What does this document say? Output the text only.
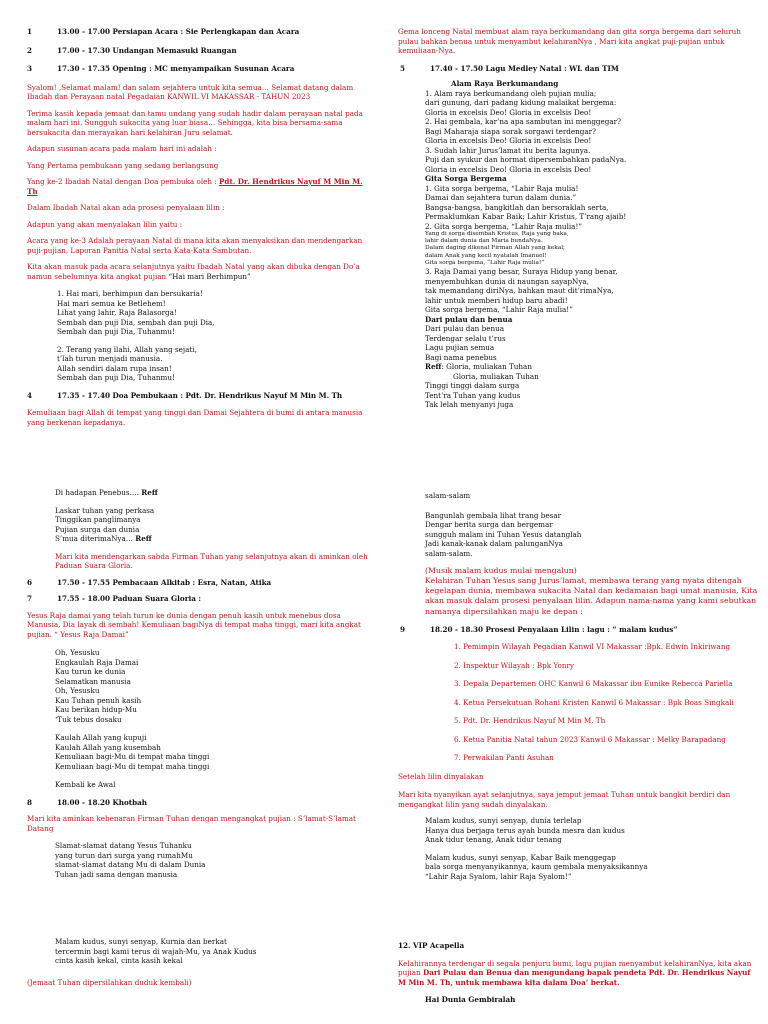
1	13.00 - 17.00 Persiapan Acara : Sie Perlengkapan dan Acara
2	17.00 - 17.30 Undangan Memasuki Ruangan
3	17.30 - 17.35 Opening : MC menyampaikan Susunan Acara

Syalom! ,Selamat malam! dan salam sejahtera untuk kita semua… Selamat datang dalam Ibadah dan Perayaan natal Pegadaian KANWIL VI MAKASSAR - TAHUN 2023

Terima kasih kepada jemaat dan tamu undang yang sudah hadir dalam perayaan natal pada malam hari ini. Sungguh sukacita yang luar biasa… Sehingga, kita bisa bersama-sama bersukacita dan merayakan hari kelahiran Juru selamat.

Adapun susunan acara pada malam hari ini adalah :

Yang Pertama pembukaan yang sedang berlangsung

Yang ke-2 Ibadah Natal dengan Doa pembuka oleh : Pdt. Dr. Hendrikus Nayuf M Min M. Th

Dalam Ibadah Natal akan ada prosesi penyalaan lilin :

Adapun yang akan menyalakan lilin yaitu :

Acara yang ke-3 Adalah perayaan Natal di mana kita akan menyaksikan dan mendengarkan puji-pujian, Laporan Panitia Natal serta Kata-Kata Sambutan.

Kita akan masuk pada acara selanjutnya yaitu Ibadah Natal yang akan dibuka dengan Do’a namun sebelumnya kita angkat pujian “Hai mari Berhimpun”

1. Hai mari, berhimpun dan bersukaria!
Hai mari semua ke Betlehem!
Lihat yang lahir, Raja Balasorga!
Sembah dan puji Dia, sembah dan puji Dia,
Sembah dan puji Dia, Tuhanmu!

2. Terang yang ilahi, Allah yang sejati,
t’lah turun menjadi manusia.
Allah sendiri dalam rupa insan!
Sembah dan puji Dia, Tuhanmu!

4	17.35 - 17.40 Doa Pembukaan : Pdt. Dr. Hendrikus Nayuf M Min M. Th

Kemuliaan bagi Allah di tempat yang tinggi dan Damai Sejahtera di bumi di antara manusia yang berkenan kepadanya.

Gema lonceng Natal membuat alam raya berkumandang dan gita sorga bergema dari seluruh pulau bahkan benua untuk menyambut kelahiranNya , Mari kita angkat puji-pujian untuk kemuliaan-Nya.

5	17.40 - 17.50 Lagu Medley Natal : WL dan TIM

Alam Raya Berkumandang

1. Alam raya berkumandang oleh pujian mulia;
dari gunung, dari padang kidung malaikat bergema:
Gloria in excelsis Deo! Gloria in excelsis Deo!
2. Hai gembala, kar’na apa sambutan ini menggegar?
Bagi Maharaja siapa sorak sorgawi terdengar?
Gloria in excelsis Deo! Gloria in excelsis Deo!
3. Sudah lahir Jurus’lamat itu berita lagunya.
Puji dan syukur dan hormat dipersembahkan padaNya.
Gloria in excelsis Deo! Gloria in excelsis Deo!

Gita Sorga Bergema

1. Gita sorga bergema, “Lahir Raja mulia!
Damai dan sejahtera turun dalam dunia.”
Bangsa-bangsa, bangkitlah dan bersoraklah serta,
Permaklumkan Kabar Baik; Lahir Kristus, T’rang ajaib!
2. Gita sorga bergema, “Lahir Raja mulia!”

Yang di sorga disembah Kristus, Raja yang baka,
lahir dalam dunia dan Maria bundaNya.
Dalam daging dikenal Firman Allah yang kekal;
dalam Anak yang kecil nyatalah Imanuel!
Gita sorga bergema, “Lahir Raja mulia!”

3. Raja Damai yang besar, Suraya Hidup yang benar,
menyembuhkan dunia di naungan sayapNya,
tak memandang diriNya, bahkan maut dit’rimaNya,
lahir untuk memberi hidup baru abadi!
Gita sorga bergema, “Lahir Raja mulia!”

Dari pulau dan benua

Dari pulau dan benua
Terdengar selalu t’rus
Lagu pujian semua
Bagi nama penebus

Reff: Gloria, muliakan Tuhan

Gloria, muliakan Tuhan

Tinggi tinggi dalam surga
Tent’ra Tuhan yang kudus
Tak lelah menyanyi juga

Di hadapan Penebus…. Reff

Laskar tuhan yang perkasa
Tinggikan panglimanya
Pujian surga dan dunia

S’mua diterimaNya… Reff

Mari kita mendengarkan sabda Firman Tuhan yang selanjutnya akan di aminkan oleh Paduan Suara Gloria.

6	17.50 - 17.55 Pembacaan Alkitab : Esra, Natan, Atika
7	17.55 - 18.00 Paduan Suara Gloria :

Yesus Raja damai yang telah turun ke dunia dengan penuh kasih untuk menebus dosa Manusia, Dia layak di sembah! Kemuliaan bagiNya di tempat maha tinggi, mari kita angkat pujian. “ Yesus Raja Damai”

Oh, Yesusku
Engkaulah Raja Damai
Kau turun ke dunia
Selamatkan manusia
Oh, Yesusku
Kau Tuhan penuh kasih
Kau berikan hidup-Mu
‘Tuk tebus dosaku

Kaulah Allah yang kupuji
Kaulah Allah yang kusembah
Kemuliaan bagi-Mu di tempat maha tinggi
Kemuliaan bagi-Mu di tempat maha tinggi

Kembali ke Awal

8	18.00 - 18.20 Khotbah

Mari kita aminkan kebenaran Firman Tuhan dengan mengangkat pujian : S’lamat-S’lamat Datang

Slamat-slamat datang Yesus Tuhanku
yang turun dari surga yang rumahMu
slamat-slamat datang Mu di dalam Dunia
Tuhan jadi sama dengan manusia

Malam kudus, sunyi senyap, Kurnia dan berkat
tercermin bagi kami terus di wajah-Mu, ya Anak Kudus
cinta kasih kekal, cinta kasih kekal

(Jemaat Tuhan dipersilahkan duduk kembali)

salam-salam

Bangunlah gembala lihat trang besar
Dengar berita surga dan bergemar
sungguh malam ini Tuhan Yesus datanglah
Jadi kanak-kanak dalam palunganNya
salam-salam.

(Musik malam kudus mulai mengalun)
Kelahiran Tuhan Yesus sang Jurus’lamat, membawa terang yang nyata ditengah kegelapan dunia, membawa sukacita Natal dan kedamaian bagi umat manusia, Kita akan masuk dalam prosesi penyalaan lilin. Adapun nama-nama yang kami sebutkan namanya dipersilahkan maju ke depan :

9	18.20 - 18.30 Prosesi Penyalaan Lilin : lagu : “ malam kudus”

1. Pemimpin Wilayah Pegadian Kanwil VI Makassar :Bpk. Edwin Inkiriwang

2. Inspektur Wilayah : Bpk Yonry

3. Depala Departemen OHC Kanwil 6 Makassar ibu Eunike Rebecca Pariella

4. Ketua Persekutuan Rohani Kristen Kanwil 6 Makassar : Bpk Boas Singkali

5. Pdt. Dr. Hendrikus Nayuf M Min M. Th

6. Ketua Panitia Natal tahun 2023 Kanwil 6 Makassar : Melky Barapadang

7. Perwakilan Panti Asuhan

Setelah lilin dinyalakan

Mari kita nyanyikan ayat selanjutnya, saya jemput jemaat Tuhan untuk bangkit berdiri dan mengangkat lilin yang sudah dinyalakan.

Malam kudus, sunyi senyap, dunia terlelap
Hanya dua berjaga terus ayah bunda mesra dan kudus
Anak tidur tenang, Anak tidur tenang

Malam kudus, sunyi senyap, Kabar Baik menggegap
bala sorga menyanyikannya, kaum gembala menyaksikannya
“Lahir Raja Syalom, lahir Raja Syalom!”

12. VIP Acapella

Kelahirannya terdengar di segala penjuru bumi, lagu pujian menyambut kelahiranNya, kita akan pujian Dari Pulau dan Benua dan mengundang bapak pendeta Pdt. Dr. Hendrikus Nayuf M Min M. Th, untuk membawa kita dalam Doa’ berkat.

Hai Dunia Gembiralah
